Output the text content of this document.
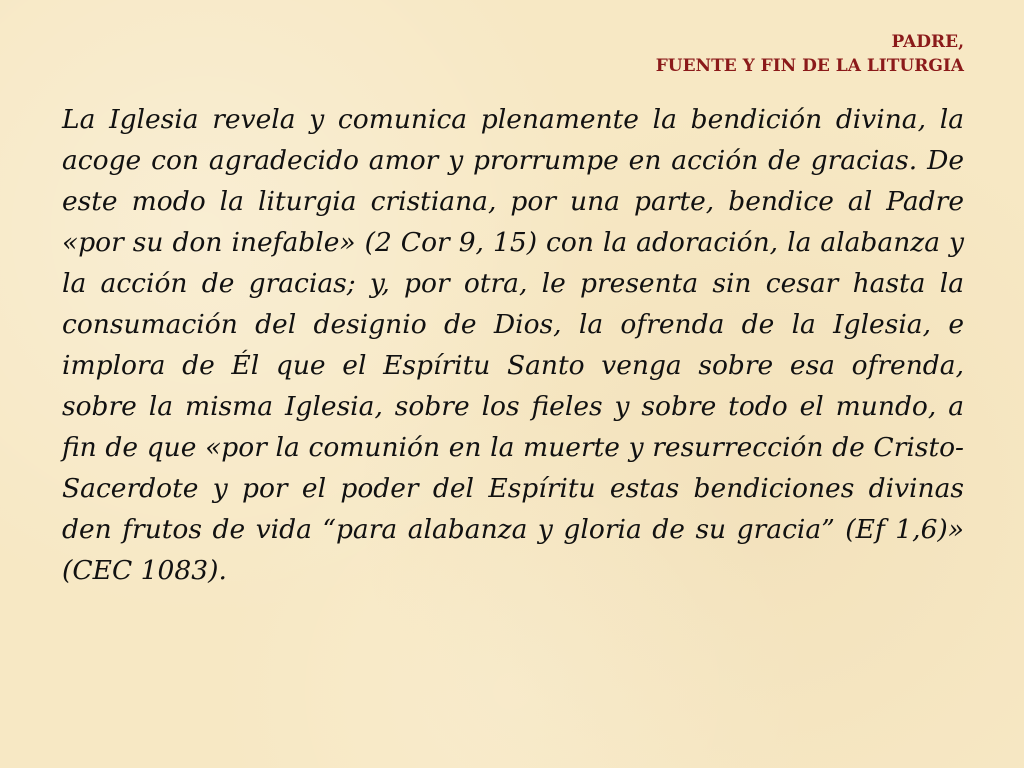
PADRE,
FUENTE Y FIN DE LA LITURGIA

La Iglesia revela y comunica plenamente la bendición divina, la acoge con agradecido amor y prorrumpe en acción de gracias. De este modo la liturgia cristiana, por una parte, bendice al Padre «por su don inefable» (2 Cor 9, 15) con la adoración, la alabanza y la acción de gracias; y, por otra, le presenta sin cesar hasta la consumación del designio de Dios, la ofrenda de la Iglesia, e implora de Él que el Espíritu Santo venga sobre esa ofrenda, sobre la misma Iglesia, sobre los fieles y sobre todo el mundo, a fin de que «por la comunión en la muerte y resurrección de Cristo-Sacerdote y por el poder del Espíritu estas bendiciones divinas den frutos de vida “para alabanza y gloria de su gracia” (Ef 1,6)» (CEC 1083).
